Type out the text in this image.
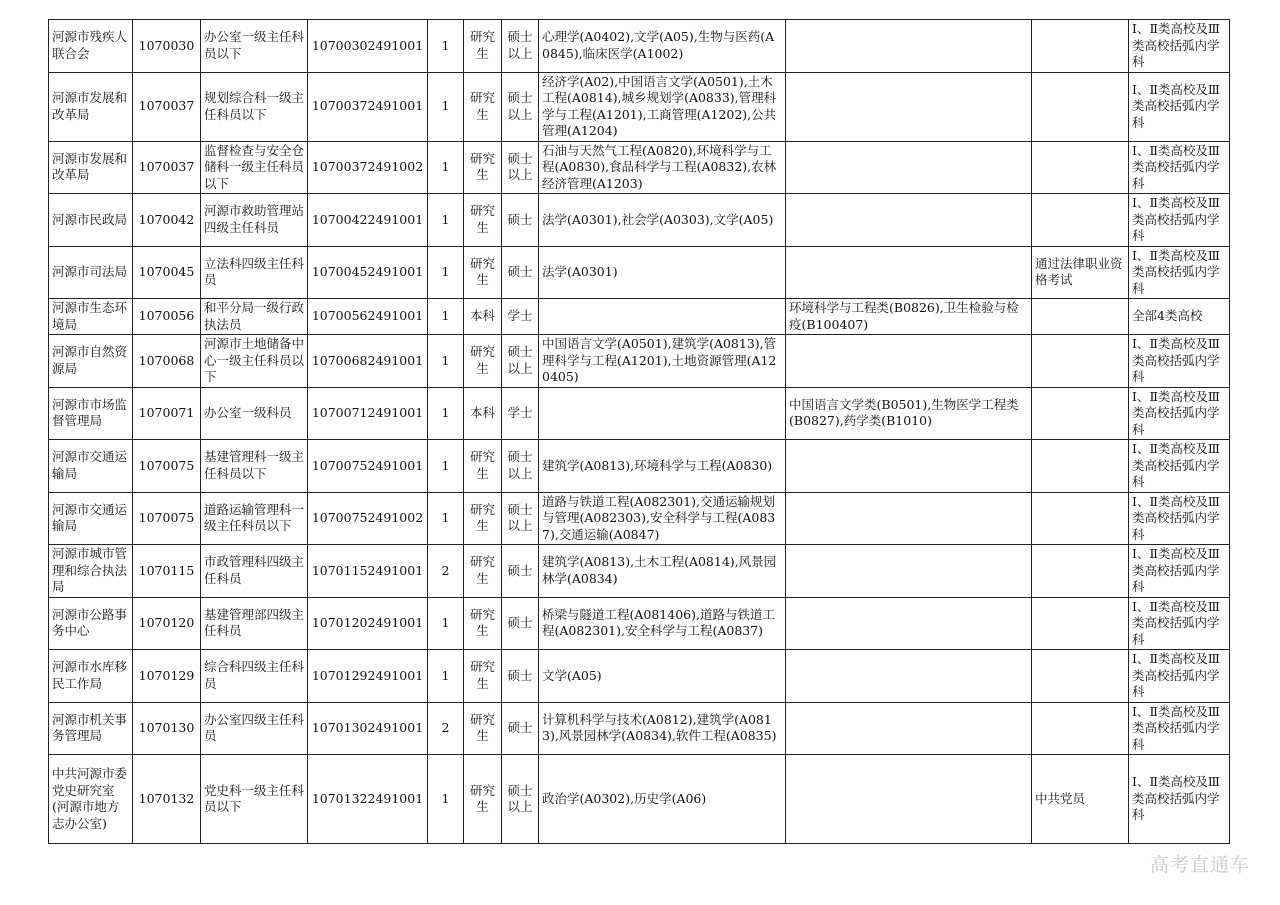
河源市残疾人联合会	1070030	办公室一级主任科员以下	10700302491001	1	研究生	硕士以上	心理学(A0402),文学(A05),生物与医药(A0845),临床医学(A1002)			Ⅰ、Ⅱ类高校及Ⅲ类高校括弧内学科
河源市发展和改革局	1070037	规划综合科一级主任科员以下	10700372491001	1	研究生	硕士以上	经济学(A02),中国语言文学(A0501),土木工程(A0814),城乡规划学(A0833),管理科学与工程(A1201),工商管理(A1202),公共管理(A1204)			Ⅰ、Ⅱ类高校及Ⅲ类高校括弧内学科
河源市发展和改革局	1070037	监督检查与安全仓储科一级主任科员以下	10700372491002	1	研究生	硕士以上	石油与天然气工程(A0820),环境科学与工程(A0830),食品科学与工程(A0832),农林经济管理(A1203)			Ⅰ、Ⅱ类高校及Ⅲ类高校括弧内学科
河源市民政局	1070042	河源市救助管理站四级主任科员	10700422491001	1	研究生	硕士	法学(A0301),社会学(A0303),文学(A05)			Ⅰ、Ⅱ类高校及Ⅲ类高校括弧内学科
河源市司法局	1070045	立法科四级主任科员	10700452491001	1	研究生	硕士	法学(A0301)		通过法律职业资格考试	Ⅰ、Ⅱ类高校及Ⅲ类高校括弧内学科
河源市生态环境局	1070056	和平分局一级行政执法员	10700562491001	1	本科	学士		环境科学与工程类(B0826),卫生检验与检疫(B100407)		全部4类高校
河源市自然资源局	1070068	河源市土地储备中心一级主任科员以下	10700682491001	1	研究生	硕士以上	中国语言文学(A0501),建筑学(A0813),管理科学与工程(A1201),土地资源管理(A120405)			Ⅰ、Ⅱ类高校及Ⅲ类高校括弧内学科
河源市市场监督管理局	1070071	办公室一级科员	10700712491001	1	本科	学士		中国语言文学类(B0501),生物医学工程类(B0827),药学类(B1010)		Ⅰ、Ⅱ类高校及Ⅲ类高校括弧内学科
河源市交通运输局	1070075	基建管理科一级主任科员以下	10700752491001	1	研究生	硕士以上	建筑学(A0813),环境科学与工程(A0830)			Ⅰ、Ⅱ类高校及Ⅲ类高校括弧内学科
河源市交通运输局	1070075	道路运输管理科一级主任科员以下	10700752491002	1	研究生	硕士以上	道路与铁道工程(A082301),交通运输规划与管理(A082303),安全科学与工程(A0837),交通运输(A0847)			Ⅰ、Ⅱ类高校及Ⅲ类高校括弧内学科
河源市城市管理和综合执法局	1070115	市政管理科四级主任科员	10701152491001	2	研究生	硕士	建筑学(A0813),土木工程(A0814),风景园林学(A0834)			Ⅰ、Ⅱ类高校及Ⅲ类高校括弧内学科
河源市公路事务中心	1070120	基建管理部四级主任科员	10701202491001	1	研究生	硕士	桥梁与隧道工程(A081406),道路与铁道工程(A082301),安全科学与工程(A0837)			Ⅰ、Ⅱ类高校及Ⅲ类高校括弧内学科
河源市水库移民工作局	1070129	综合科四级主任科员	10701292491001	1	研究生	硕士	文学(A05)			Ⅰ、Ⅱ类高校及Ⅲ类高校括弧内学科
河源市机关事务管理局	1070130	办公室四级主任科员	10701302491001	2	研究生	硕士	计算机科学与技术(A0812),建筑学(A0813),风景园林学(A0834),软件工程(A0835)			Ⅰ、Ⅱ类高校及Ⅲ类高校括弧内学科
中共河源市委党史研究室(河源市地方志办公室)	1070132	党史科一级主任科员以下	10701322491001	1	研究生	硕士以上	政治学(A0302),历史学(A06)		中共党员	Ⅰ、Ⅱ类高校及Ⅲ类高校括弧内学科
高考直通车
